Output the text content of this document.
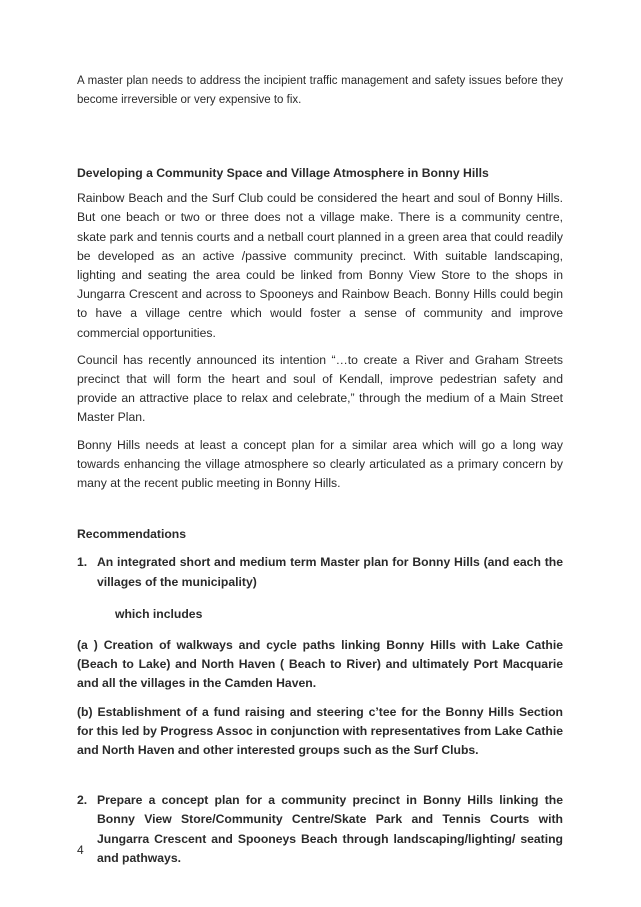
A master plan needs to address the incipient traffic management and safety issues before they become irreversible or very expensive to fix.

Developing a Community Space and Village Atmosphere in Bonny Hills

Rainbow Beach and the Surf Club could be considered the heart and soul of Bonny Hills. But one beach or two or three does not a village make. There is a community centre, skate park and tennis courts and a netball court planned in a green area that could readily be developed as an active /passive community precinct. With suitable landscaping, lighting and seating the area could be linked from Bonny View Store to the shops in Jungarra Crescent and across to Spooneys and Rainbow Beach. Bonny Hills could begin to have a village centre which would foster a sense of community and improve commercial opportunities.

Council has recently announced its intention “…to create a River and Graham Streets precinct that will form the heart and soul of Kendall, improve pedestrian safety and provide an attractive place to relax and celebrate,” through the medium of a Main Street Master Plan.

Bonny Hills needs at least a concept plan for a similar area which will go a long way towards enhancing the village atmosphere so clearly articulated as a primary concern by many at the recent public meeting in Bonny Hills.

Recommendations

1. An integrated short and medium term Master plan for Bonny Hills (and each the villages of the municipality)

which includes

(a ) Creation of walkways and cycle paths linking Bonny Hills with Lake Cathie (Beach to Lake) and North Haven ( Beach to River) and ultimately Port Macquarie and all the villages in the Camden Haven.

(b) Establishment of a fund raising and steering c’tee for the Bonny Hills Section for this led by Progress Assoc in conjunction with representatives from Lake Cathie and North Haven and other interested groups such as the Surf Clubs.

2. Prepare a concept plan for a community precinct in Bonny Hills linking the Bonny View Store/Community Centre/Skate Park and Tennis Courts with Jungarra Crescent and Spooneys Beach through landscaping/lighting/ seating and pathways.

4
